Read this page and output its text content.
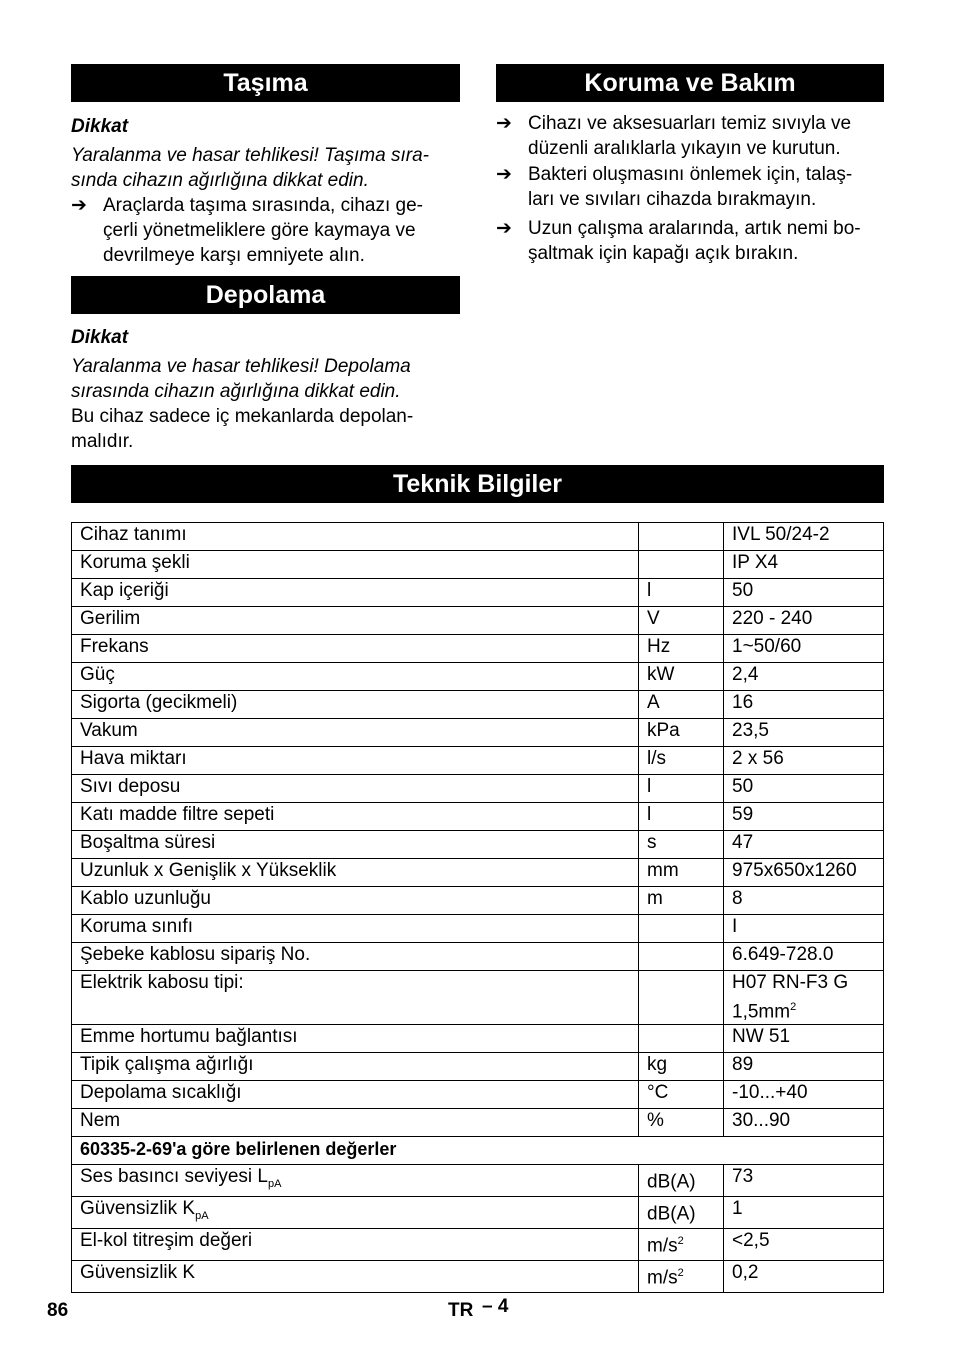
Taşıma
Dikkat
Yaralanma ve hasar tehlikesi! Taşıma sıra-
sında cihazın ağırlığına dikkat edin.
➔ Araçlarda taşıma sırasında, cihazı ge-
çerli yönetmeliklere göre kaymaya ve
devrilmeye karşı emniyete alın.
Depolama
Dikkat
Yaralanma ve hasar tehlikesi! Depolama
sırasında cihazın ağırlığına dikkat edin.
Bu cihaz sadece iç mekanlarda depolan-
malıdır.
Koruma ve Bakım
➔ Cihazı ve aksesuarları temiz sıvıyla ve
düzenli aralıklarla yıkayın ve kurutun.
➔ Bakteri oluşmasını önlemek için, talaş-
ları ve sıvıları cihazda bırakmayın.
➔ Uzun çalışma aralarında, artık nemi bo-
şaltmak için kapağı açık bırakın.
Teknik Bilgiler
Cihaz tanımı		IVL 50/24-2
Koruma şekli		IP X4
Kap içeriği	l	50
Gerilim	V	220 - 240
Frekans	Hz	1~50/60
Güç	kW	2,4
Sigorta (gecikmeli)	A	16
Vakum	kPa	23,5
Hava miktarı	l/s	2 x 56
Sıvı deposu	l	50
Katı madde filtre sepeti	l	59
Boşaltma süresi	s	47
Uzunluk x Genişlik x Yükseklik	mm	975x650x1260
Kablo uzunluğu	m	8
Koruma sınıfı		I
Şebeke kablosu sipariş No.		6.649-728.0
Elektrik kabosu tipi:		H07 RN-F3 G
$1,5mm^2$

Emme hortumu bağlantısı		NW 51
Tipik çalışma ağırlığı	kg	89
Depolama sıcaklığı	°C	-10...+40
Nem	%	30...90
60335-2-69'a göre belirlenen değerler		
Ses basıncı seviyesi $L_{pA}$	dB(A)	73
Güvensizlik $K_{pA}$	dB(A)	1
El-kol titreşim değeri	$m/s^2$	<2,5
Güvensizlik K	$m/s^2$	0,2
86	TR – 4
